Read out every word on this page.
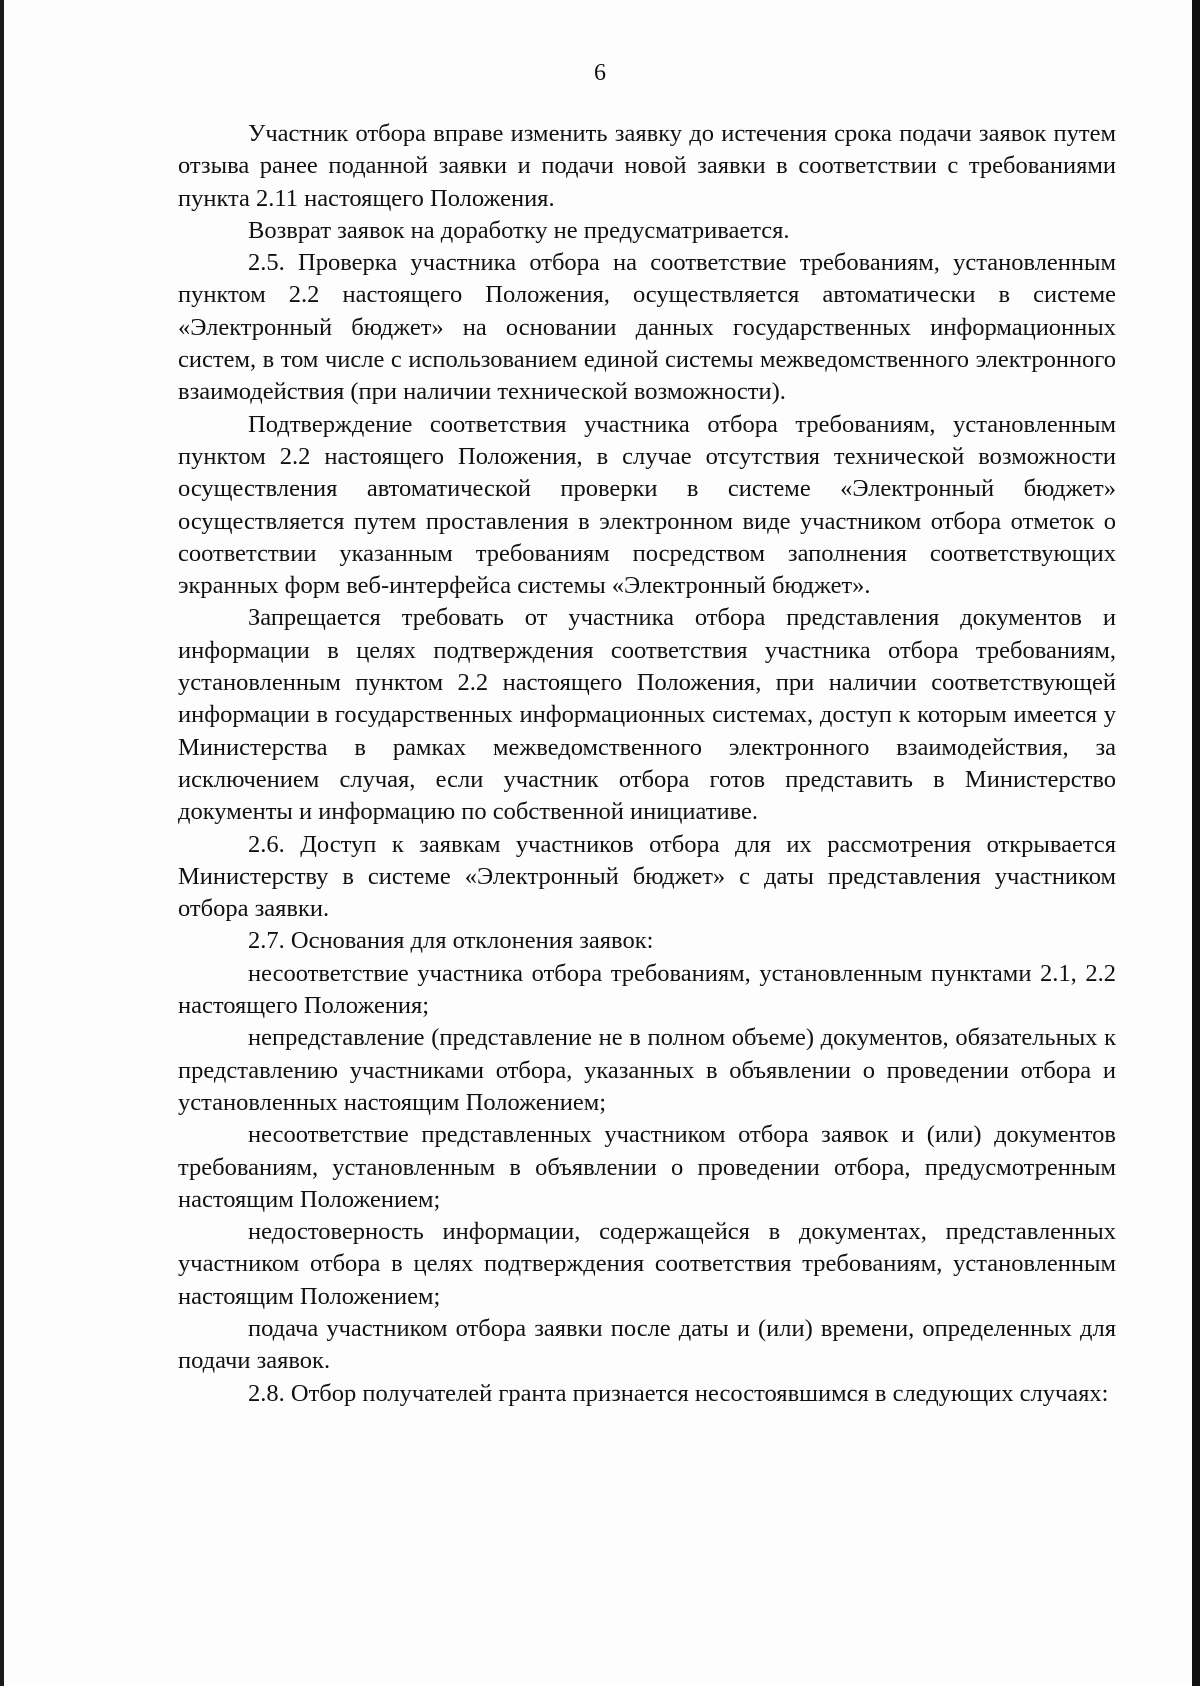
6

Участник отбора вправе изменить заявку до истечения срока подачи заявок путем отзыва ранее поданной заявки и подачи новой заявки в соответствии с требованиями пункта 2.11 настоящего Положения.

Возврат заявок на доработку не предусматривается.

2.5. Проверка участника отбора на соответствие требованиям, установленным пунктом 2.2 настоящего Положения, осуществляется автоматически в системе «Электронный бюджет» на основании данных государственных информационных систем, в том числе с использованием единой системы межведомственного электронного взаимодействия (при наличии технической возможности).

Подтверждение соответствия участника отбора требованиям, установленным пунктом 2.2 настоящего Положения, в случае отсутствия технической возможности осуществления автоматической проверки в системе «Электронный бюджет» осуществляется путем проставления в электронном виде участником отбора отметок о соответствии указанным требованиям посредством заполнения соответствующих экранных форм веб-интерфейса системы «Электронный бюджет».

Запрещается требовать от участника отбора представления документов и информации в целях подтверждения соответствия участника отбора требованиям, установленным пунктом 2.2 настоящего Положения, при наличии соответствующей информации в государственных информационных системах, доступ к которым имеется у Министерства в рамках межведомственного электронного взаимодействия, за исключением случая, если участник отбора готов представить в Министерство документы и информацию по собственной инициативе.

2.6. Доступ к заявкам участников отбора для их рассмотрения открывается Министерству в системе «Электронный бюджет» с даты представления участником отбора заявки.

2.7. Основания для отклонения заявок:

несоответствие участника отбора требованиям, установленным пунктами 2.1, 2.2 настоящего Положения;

непредставление (представление не в полном объеме) документов, обязательных к представлению участниками отбора, указанных в объявлении о проведении отбора и установленных настоящим Положением;

несоответствие представленных участником отбора заявок и (или) документов требованиям, установленным в объявлении о проведении отбора, предусмотренным настоящим Положением;

недостоверность информации, содержащейся в документах, представленных участником отбора в целях подтверждения соответствия требованиям, установленным настоящим Положением;

подача участником отбора заявки после даты и (или) времени, определенных для подачи заявок.

2.8. Отбор получателей гранта признается несостоявшимся в следующих случаях:
